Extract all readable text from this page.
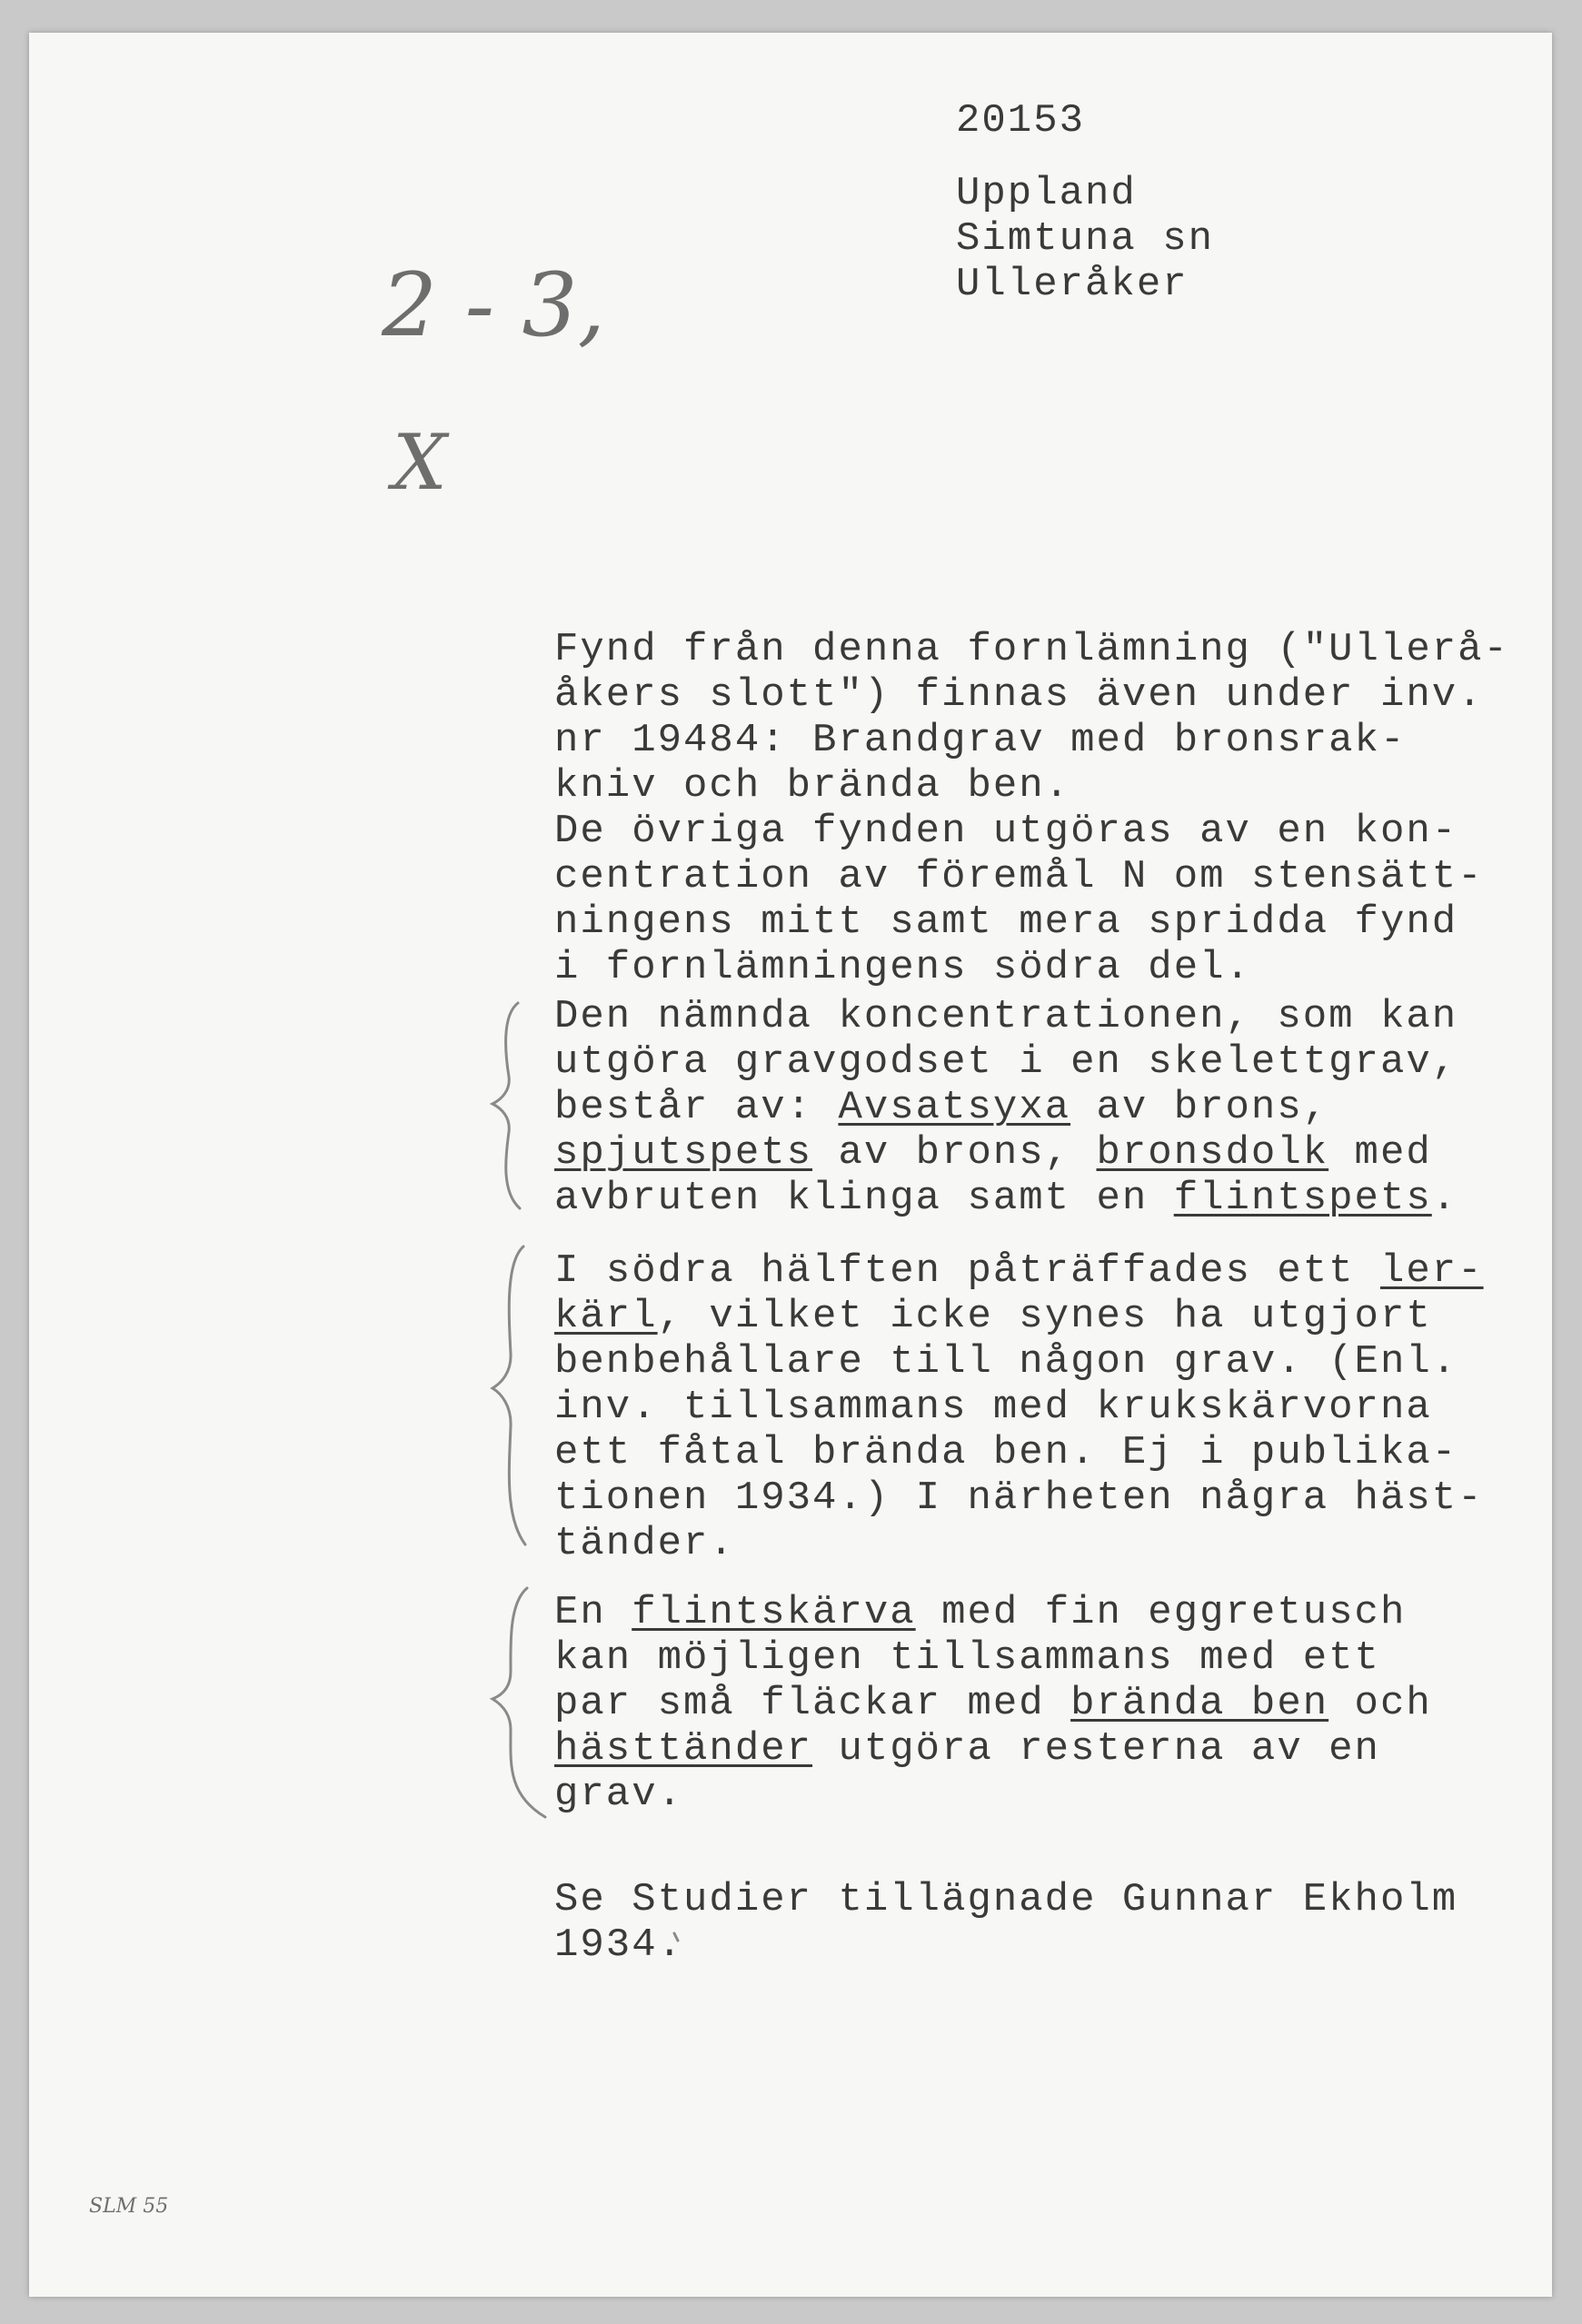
20153
Uppland
Simtuna sn
Ulleråker
2 - 3,
X
SLM 55
Fynd från denna fornlämning ("Ullerå-
åkers slott") finnas även under inv.
nr 19484: Brandgrav med bronsrak-
kniv och brända ben.
De övriga fynden utgöras av en kon-
centration av föremål N om stensätt-
ningens mitt samt mera spridda fynd
i fornlämningens södra del.
Den nämnda koncentrationen, som kan
utgöra gravgodset i en skelettgrav,
består av: Avsatsyxa av brons,
spjutspets av brons, bronsdolk med
avbruten klinga samt en flintspets.
I södra hälften påträffades ett ler-
kärl, vilket icke synes ha utgjort
benbehållare till någon grav. (Enl.
inv. tillsammans med krukskärvorna
ett fåtal brända ben. Ej i publika-
tionen 1934.) I närheten några häst-
tänder.
En flintskärva med fin eggretusch
kan möjligen tillsammans med ett
par små fläckar med brända ben och
hästtänder utgöra resterna av en
grav.
Se Studier tillägnade Gunnar Ekholm
1934.
